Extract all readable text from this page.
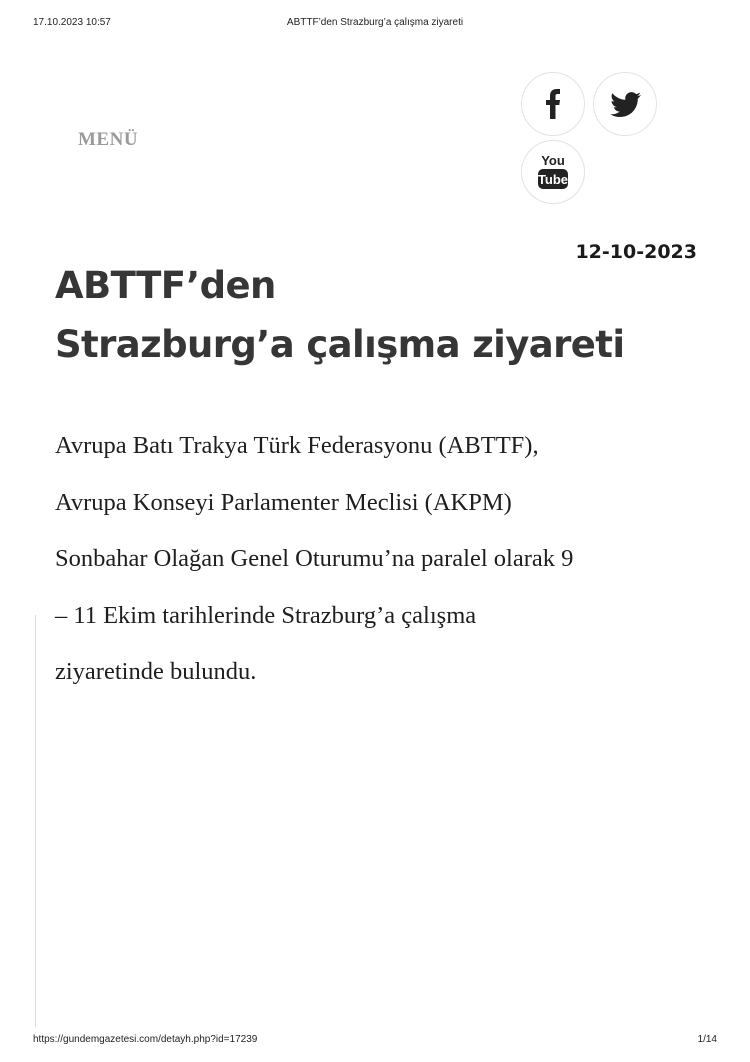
17.10.2023 10:57	ABTTF’den Strazburg’a çalışma ziyareti
MENÜ
You
Tube
12-10-2023
ABTTF’den
Strazburg’a çalışma ziyareti

Avrupa Batı Trakya Türk Federasyonu (ABTTF),
Avrupa Konseyi Parlamenter Meclisi (AKPM)
Sonbahar Olağan Genel Oturumu’na paralel olarak 9
– 11 Ekim tarihlerinde Strazburg’a çalışma
ziyaretinde bulundu.

https://gundemgazetesi.com/detayh.php?id=17239	1/14
